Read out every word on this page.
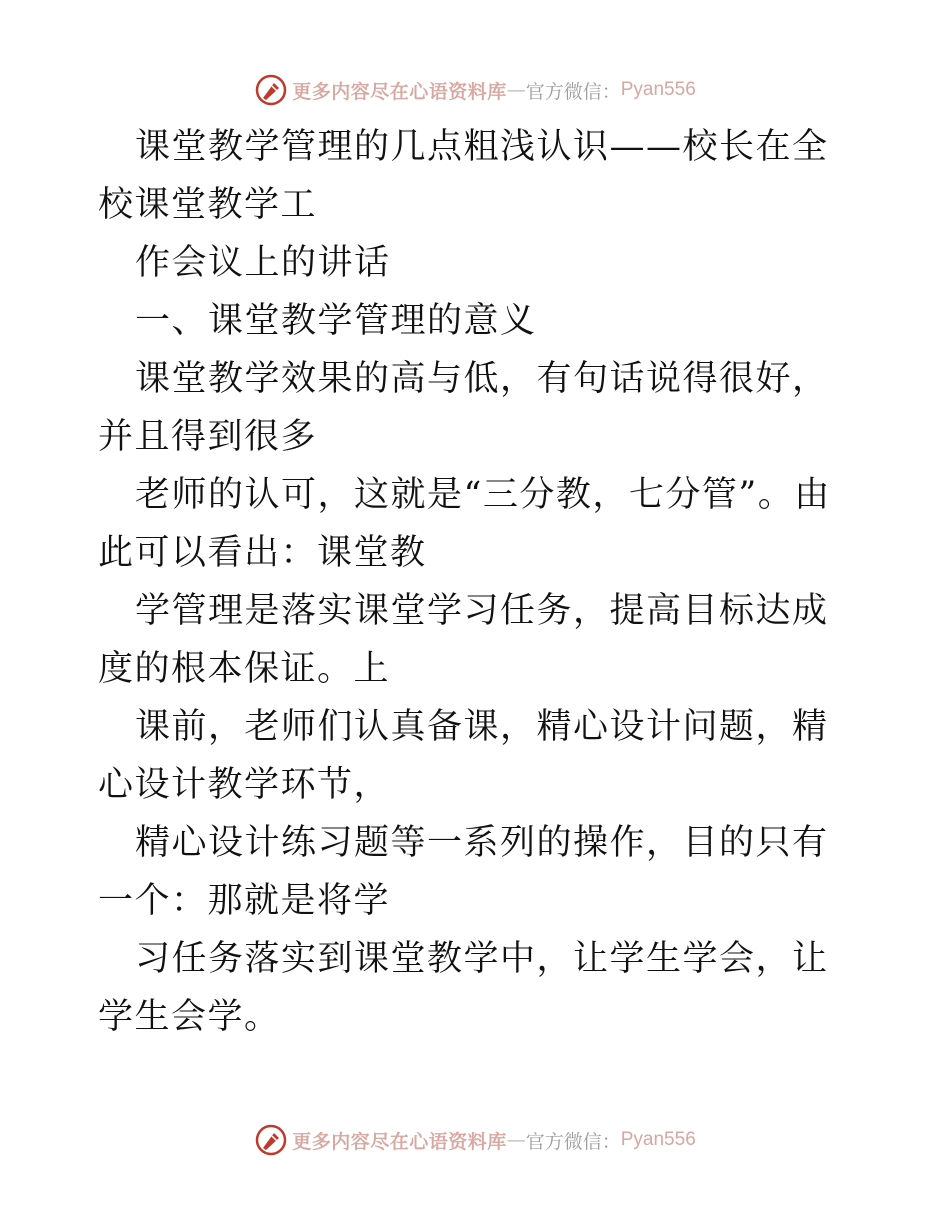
更多内容尽在心语资料库 — 官方微信： Pyan556

课堂教学管理的几点粗浅认识——校长在全校课堂教学工

作会议上的讲话

一、课堂教学管理的意义

课堂教学效果的高与低，有句话说得很好，并且得到很多

老师的认可，这就是“三分教，七分管”。由此可以看出：课堂教

学管理是落实课堂学习任务，提高目标达成度的根本保证。上

课前，老师们认真备课，精心设计问题，精心设计教学环节，

精心设计练习题等一系列的操作，目的只有一个：那就是将学

习任务落实到课堂教学中，让学生学会，让学生会学。

更多内容尽在心语资料库 — 官方微信： Pyan556
